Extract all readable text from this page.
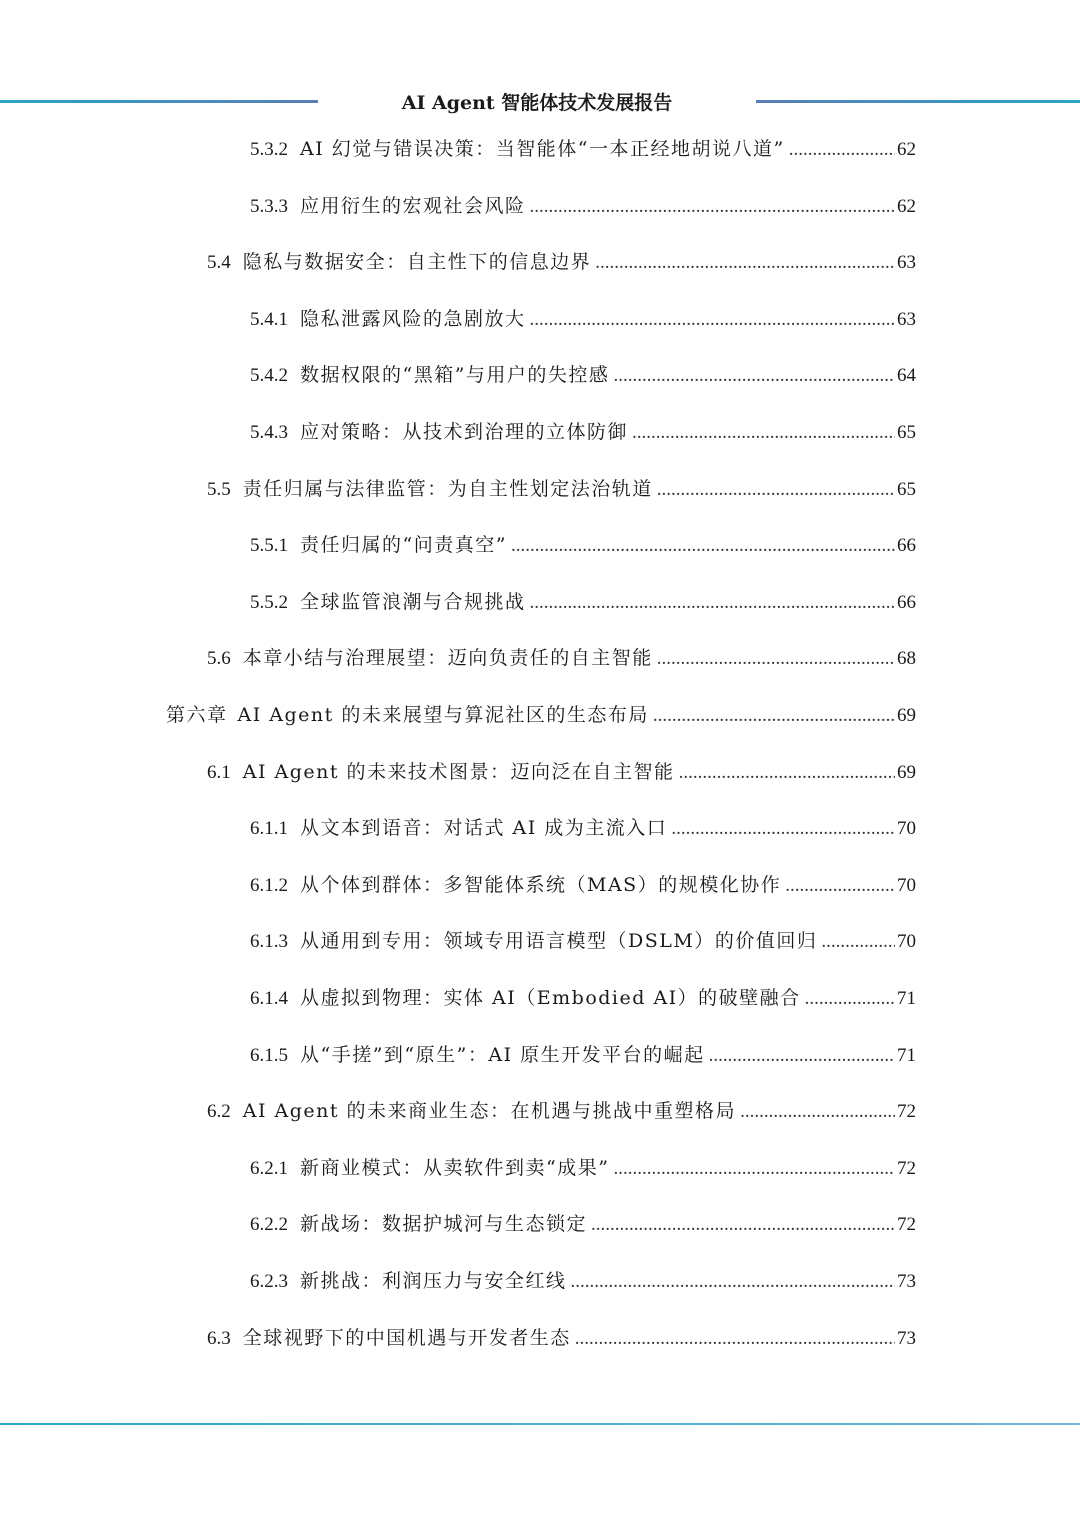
AI Agent 智能体技术发展报告
5.3.2 AI 幻觉与错误决策：当智能体“一本正经地胡说八道” .....	62
5.3.3 应用衍生的宏观社会风险 .....	62
5.4 隐私与数据安全：自主性下的信息边界 .....	63
5.4.1 隐私泄露风险的急剧放大 .....	63
5.4.2 数据权限的“黑箱”与用户的失控感 .....	64
5.4.3 应对策略：从技术到治理的立体防御 .....	65
5.5 责任归属与法律监管：为自主性划定法治轨道 .....	65
5.5.1 责任归属的“问责真空” .....	66
5.5.2 全球监管浪潮与合规挑战 .....	66
5.6 本章小结与治理展望：迈向负责任的自主智能 .....	68
第六章 AI Agent 的未来展望与算泥社区的生态布局 .....	69
6.1 AI Agent 的未来技术图景：迈向泛在自主智能 .....	69
6.1.1 从文本到语音：对话式 AI 成为主流入口 .....	70
6.1.2 从个体到群体：多智能体系统（MAS）的规模化协作 .....	70
6.1.3 从通用到专用：领域专用语言模型（DSLM）的价值回归 .....	70
6.1.4 从虚拟到物理：实体 AI（Embodied AI）的破壁融合 .....	71
6.1.5 从“手搓”到“原生”：AI 原生开发平台的崛起 .....	71
6.2 AI Agent 的未来商业生态：在机遇与挑战中重塑格局 .....	72
6.2.1 新商业模式：从卖软件到卖“成果” .....	72
6.2.2 新战场：数据护城河与生态锁定 .....	72
6.2.3 新挑战：利润压力与安全红线 .....	73
6.3 全球视野下的中国机遇与开发者生态 .....	73
